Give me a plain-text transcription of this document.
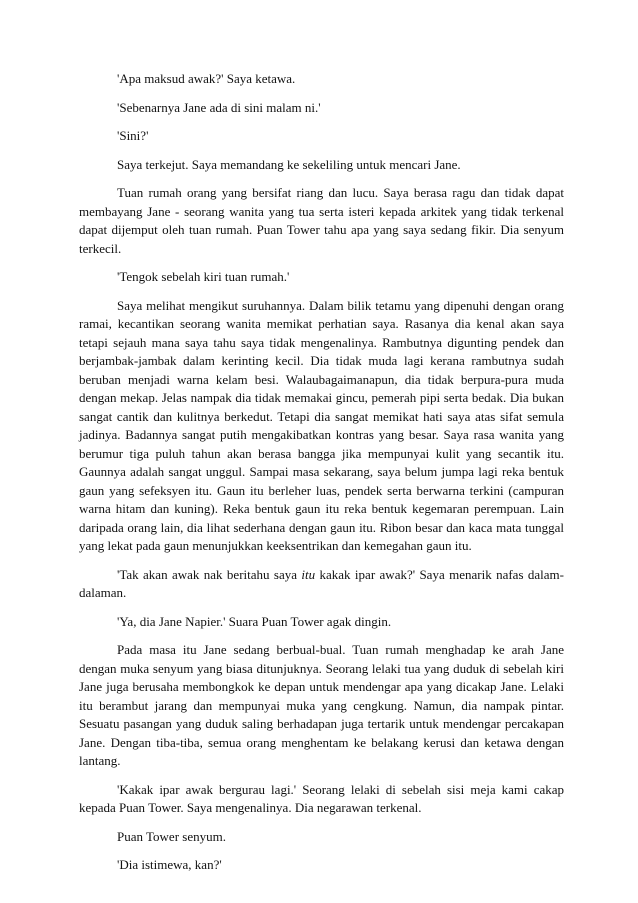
'Apa maksud awak?' Saya ketawa.

'Sebenarnya Jane ada di sini malam ni.'

'Sini?'

Saya terkejut. Saya memandang ke sekeliling untuk mencari Jane.

Tuan rumah orang yang bersifat riang dan lucu. Saya berasa ragu dan tidak dapat membayang Jane - seorang wanita yang tua serta isteri kepada arkitek yang tidak terkenal dapat dijemput oleh tuan rumah. Puan Tower tahu apa yang saya sedang fikir. Dia senyum terkecil.

'Tengok sebelah kiri tuan rumah.'

Saya melihat mengikut suruhannya. Dalam bilik tetamu yang dipenuhi dengan orang ramai, kecantikan seorang wanita memikat perhatian saya. Rasanya dia kenal akan saya tetapi sejauh mana saya tahu saya tidak mengenalinya. Rambutnya digunting pendek dan berjambak-jambak dalam kerinting kecil. Dia tidak muda lagi kerana rambutnya sudah beruban menjadi warna kelam besi. Walaubagaimanapun, dia tidak berpura-pura muda dengan mekap. Jelas nampak dia tidak memakai gincu, pemerah pipi serta bedak. Dia bukan sangat cantik dan kulitnya berkedut. Tetapi dia sangat memikat hati saya atas sifat semula jadinya. Badannya sangat putih mengakibatkan kontras yang besar. Saya rasa wanita yang berumur tiga puluh tahun akan berasa bangga jika mempunyai kulit yang secantik itu. Gaunnya adalah sangat unggul. Sampai masa sekarang, saya belum jumpa lagi reka bentuk gaun yang sefeksyen itu. Gaun itu berleher luas, pendek serta berwarna terkini (campuran warna hitam dan kuning). Reka bentuk gaun itu reka bentuk kegemaran perempuan. Lain daripada orang lain, dia lihat sederhana dengan gaun itu. Ribon besar dan kaca mata tunggal yang lekat pada gaun menunjukkan keeksentrikan dan kemegahan gaun itu.

'Tak akan awak nak beritahu saya itu kakak ipar awak?' Saya menarik nafas dalam-dalaman.

'Ya, dia Jane Napier.' Suara Puan Tower agak dingin.

Pada masa itu Jane sedang berbual-bual. Tuan rumah menghadap ke arah Jane dengan muka senyum yang biasa ditunjuknya. Seorang lelaki tua yang duduk di sebelah kiri Jane juga berusaha membongkok ke depan untuk mendengar apa yang dicakap Jane. Lelaki itu berambut jarang dan mempunyai muka yang cengkung. Namun, dia nampak pintar. Sesuatu pasangan yang duduk saling berhadapan juga tertarik untuk mendengar percakapan Jane. Dengan tiba-tiba, semua orang menghentam ke belakang kerusi dan ketawa dengan lantang.

'Kakak ipar awak bergurau lagi.' Seorang lelaki di sebelah sisi meja kami cakap kepada Puan Tower. Saya mengenalinya. Dia negarawan terkenal.

Puan Tower senyum.

'Dia istimewa, kan?'
